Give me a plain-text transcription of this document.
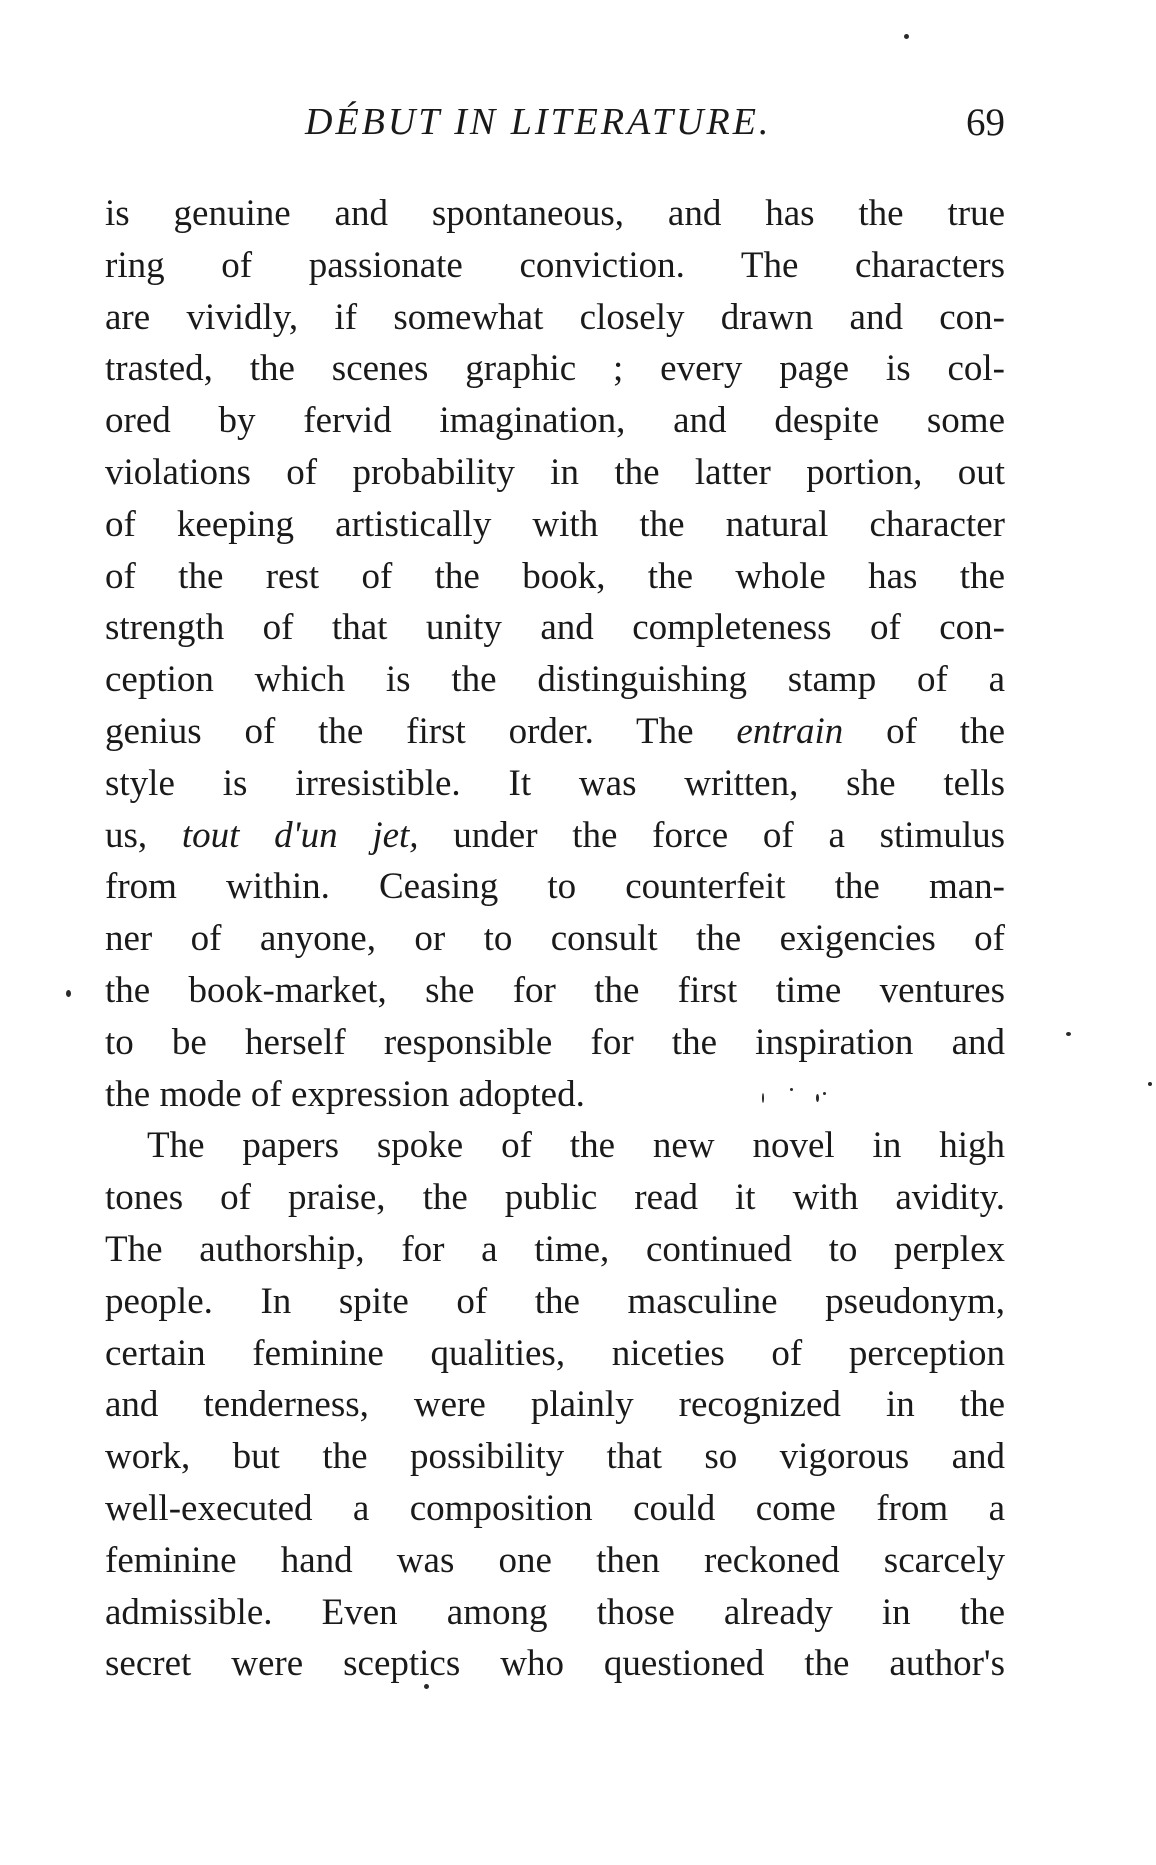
DÉBUT IN LITERATURE.	69
is genuine and spontaneous, and has the true
ring of passionate conviction. The characters
are vividly, if somewhat closely drawn and con-
trasted, the scenes graphic ; every page is col-
ored by fervid imagination, and despite some
violations of probability in the latter portion, out
of keeping artistically with the natural character
of the rest of the book, the whole has the
strength of that unity and completeness of con-
ception which is the distinguishing stamp of a
genius of the first order. The entrain of the
style is irresistible. It was written, she tells
us, tout d'un jet, under the force of a stimulus
from within. Ceasing to counterfeit the man-
ner of anyone, or to consult the exigencies of
the book-market, she for the first time ventures
to be herself responsible for the inspiration and
the mode of expression adopted.
The papers spoke of the new novel in high
tones of praise, the public read it with avidity.
The authorship, for a time, continued to perplex
people. In spite of the masculine pseudonym,
certain feminine qualities, niceties of perception
and tenderness, were plainly recognized in the
work, but the possibility that so vigorous and
well-executed a composition could come from a
feminine hand was one then reckoned scarcely
admissible. Even among those already in the
secret were sceptics who questioned the author's
